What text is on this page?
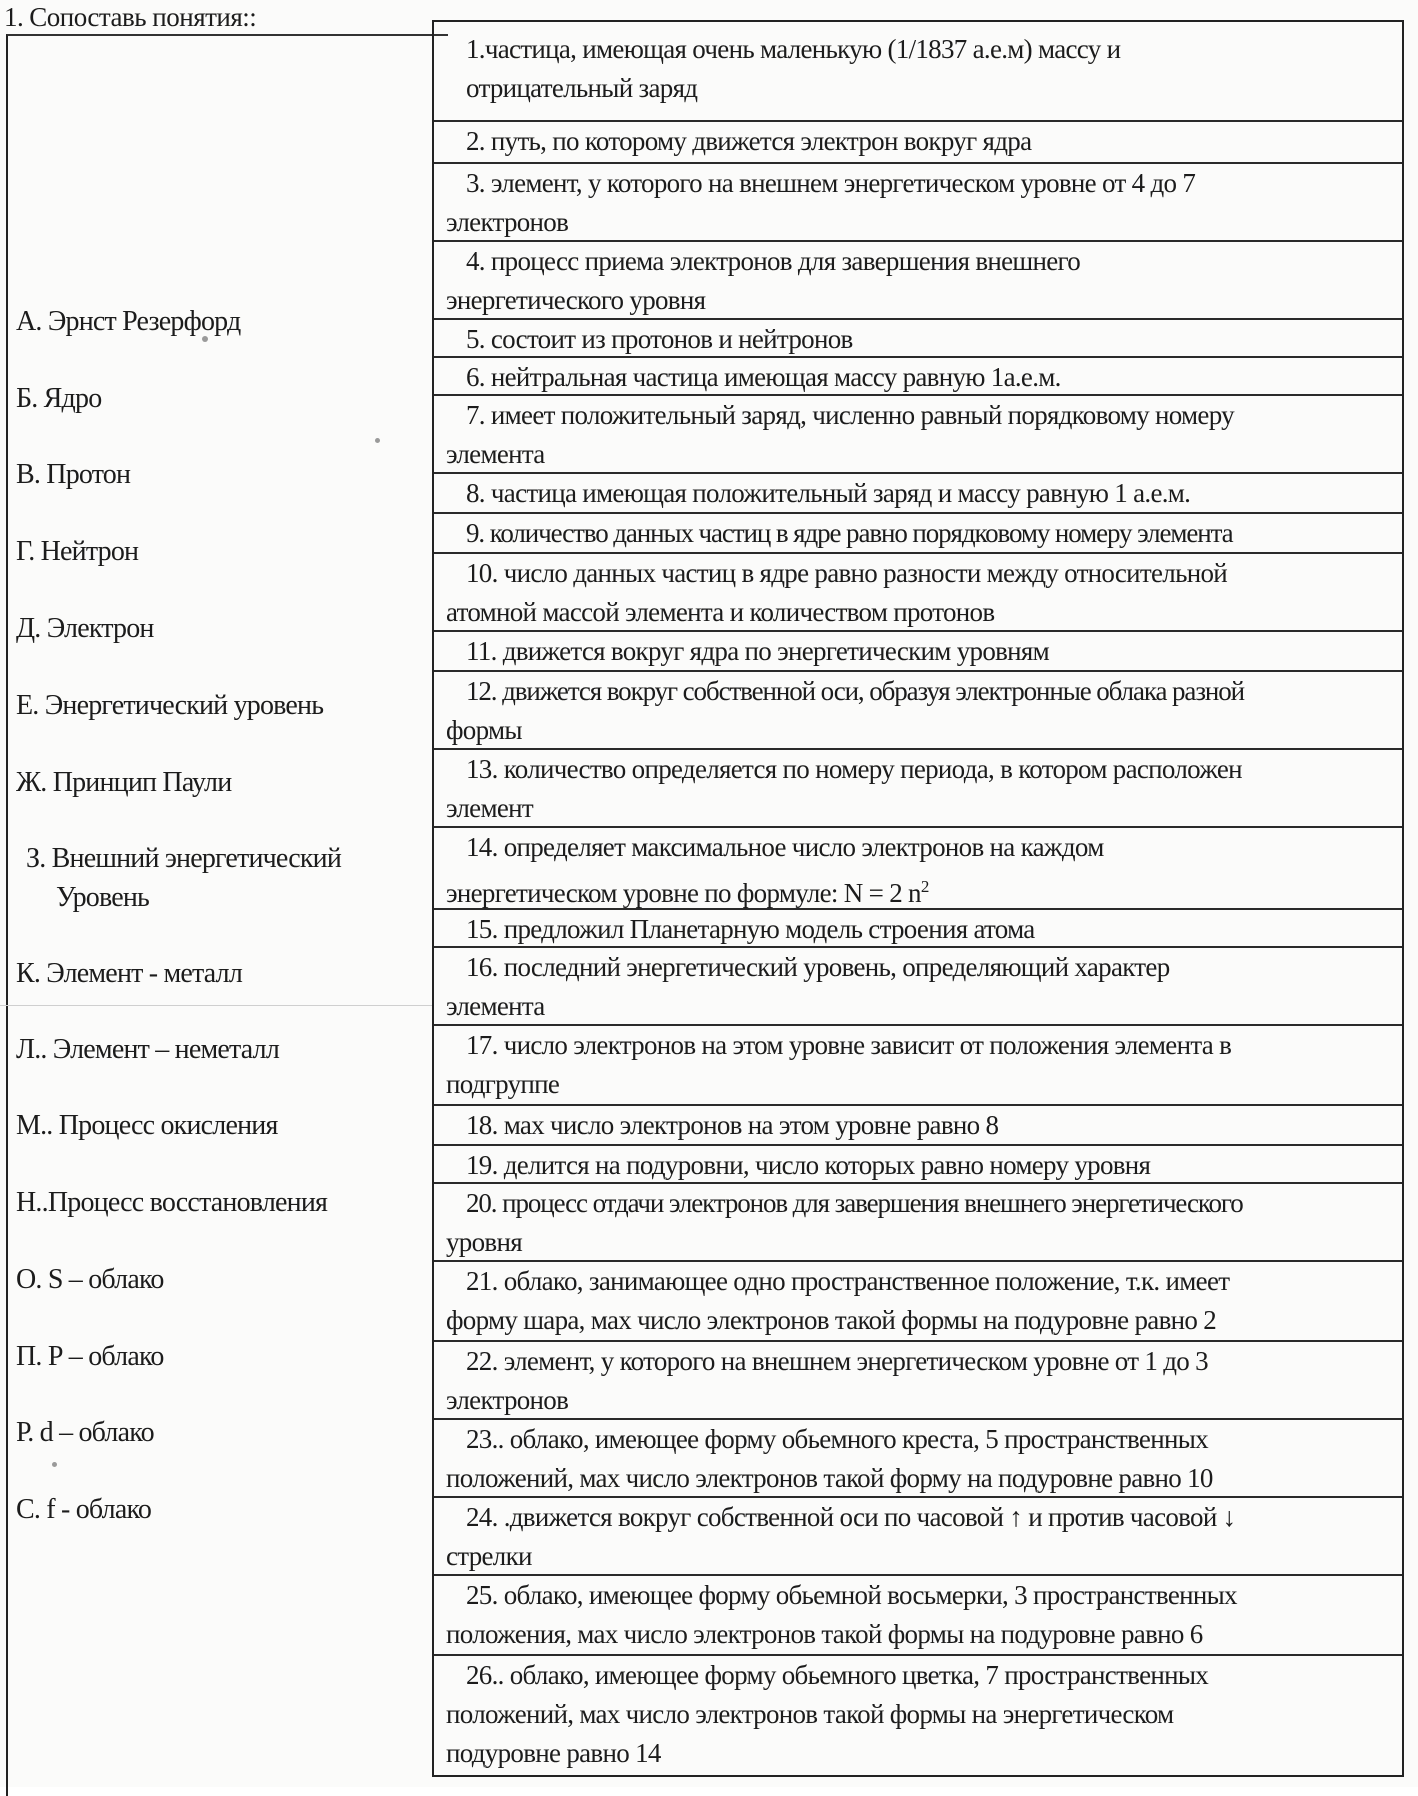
1. Сопоставь понятия::
А. Эрнст Резерфорд
Б. Ядро
В. Протон
Г. Нейтрон
Д. Электрон
Е. Энергетический уровень
Ж. Принцип Паули
З. Внешний энергетический
Уровень
К. Элемент - металл
Л.. Элемент – неметалл
М.. Процесс окисления
Н..Процесс восстановления
О. S – облако
П. Р – облако
Р. d – облако
С. f - облако
1.частица, имеющая очень маленькую (1/1837 а.е.м) массу и
отрицательный заряд
2. путь, по которому движется электрон вокруг ядра
3. элемент, у которого на внешнем энергетическом уровне от 4 до 7
электронов
4. процесс приема электронов для завершения внешнего
энергетического уровня
5. состоит из протонов и нейтронов
6. нейтральная частица имеющая массу равную 1а.е.м.
7. имеет положительный заряд, численно равный порядковому номеру
элемента
8. частица имеющая положительный заряд и массу равную 1 а.е.м.
9. количество данных частиц в ядре равно порядковому номеру элемента
10. число данных частиц в ядре равно разности между относительной
атомной массой элемента и количеством протонов
11. движется вокруг ядра по энергетическим уровням
12. движется вокруг собственной оси, образуя электронные облака разной
формы
13. количество определяется по номеру периода, в котором расположен
элемент
14. определяет максимальное число электронов на каждом
энергетическом уровне по формуле: N = 2 $n^2$
15. предложил Планетарную модель строения атома
16. последний энергетический уровень, определяющий характер
элемента
17. число электронов на этом уровне зависит от положения элемента в
подгруппе
18. мах число электронов на этом уровне равно 8
19. делится на подуровни, число которых равно номеру уровня
20. процесс отдачи электронов для завершения внешнего энергетического
уровня
21. облако, занимающее одно пространственное положение, т.к. имеет
форму шара, мах число электронов такой формы на подуровне равно 2
22. элемент, у которого на внешнем энергетическом уровне от 1 до 3
электронов
23.. облако, имеющее форму обьемного креста, 5 пространственных
положений, мах число электронов такой форму на подуровне равно 10
24. .движется вокруг собственной оси по часовой ↑ и против часовой ↓
стрелки
25. облако, имеющее форму обьемной восьмерки, 3 пространственных
положения, мах число электронов такой формы на подуровне равно 6
26.. облако, имеющее форму обьемного цветка, 7 пространственных
положений, мах число электронов такой формы на энергетическом
подуровне равно 14
